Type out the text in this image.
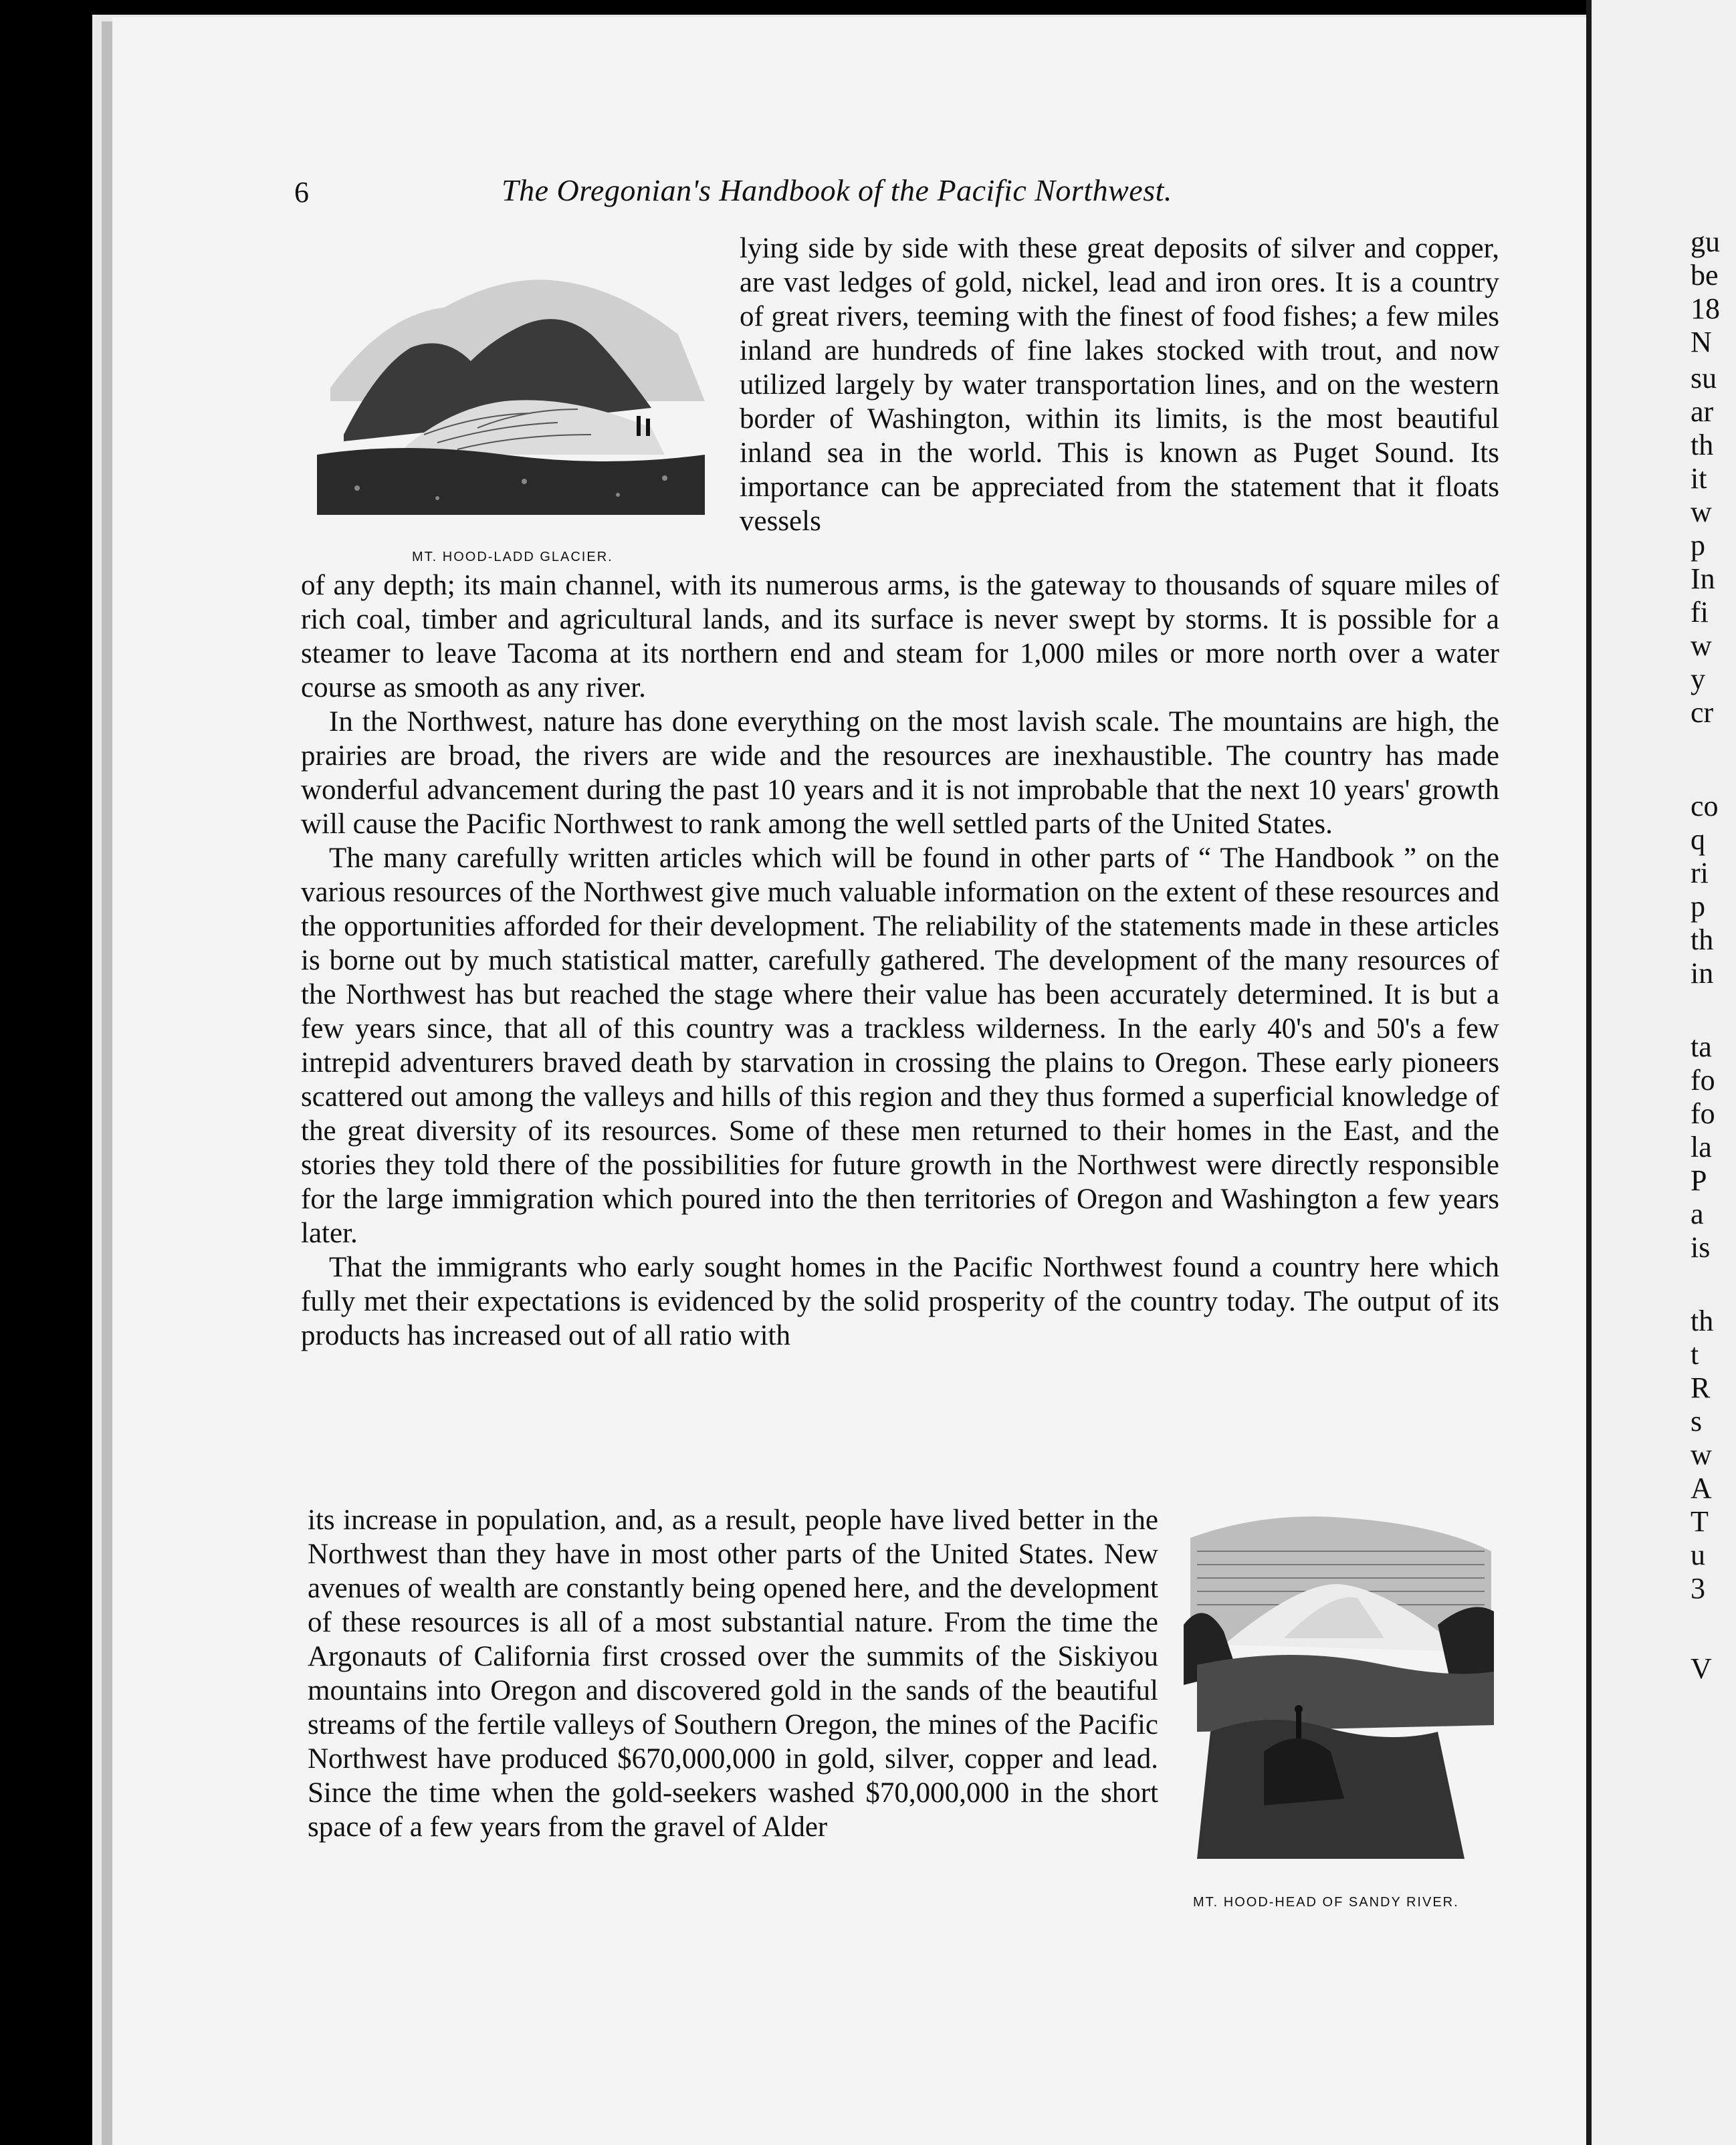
gu
be
18
N
su
ar
th
it
w
p
In
fi
w
y
cr
co
q
ri
p
th
in
ta
fo
fo
la
P
a
is
th
t
R
s
w
A
T
u
3
V
6	The Oregonian's Handbook of the Pacific Northwest.
MT. HOOD-LADD GLACIER.

lying side by side with these great deposits of silver and copper, are vast ledges of gold, nickel, lead and iron ores. It is a country of great rivers, teeming with the finest of food fishes; a few miles inland are hundreds of fine lakes stocked with trout, and now utilized largely by water transportation lines, and on the western border of Washington, within its limits, is the most beautiful inland sea in the world. This is known as Puget Sound. Its importance can be appreciated from the statement that it floats vessels

of any depth; its main channel, with its numerous arms, is the gateway to thousands of square miles of rich coal, timber and agricultural lands, and its surface is never swept by storms. It is possible for a steamer to leave Tacoma at its northern end and steam for 1,000 miles or more north over a water course as smooth as any river.

In the Northwest, nature has done everything on the most lavish scale. The mountains are high, the prairies are broad, the rivers are wide and the resources are inexhaustible. The country has made wonderful advancement during the past 10 years and it is not improbable that the next 10 years' growth will cause the Pacific Northwest to rank among the well settled parts of the United States.

The many carefully written articles which will be found in other parts of “ The Handbook ” on the various resources of the Northwest give much valuable information on the extent of these resources and the opportunities afforded for their development. The reliability of the statements made in these articles is borne out by much statistical matter, carefully gathered. The development of the many resources of the Northwest has but reached the stage where their value has been accurately determined. It is but a few years since, that all of this country was a trackless wilderness. In the early 40's and 50's a few intrepid adventurers braved death by starvation in crossing the plains to Oregon. These early pioneers scattered out among the valleys and hills of this region and they thus formed a superficial knowledge of the great diversity of its resources. Some of these men returned to their homes in the East, and the stories they told there of the possibilities for future growth in the Northwest were directly responsible for the large immigration which poured into the then territories of Oregon and Washington a few years later.

That the immigrants who early sought homes in the Pacific Northwest found a country here which fully met their expectations is evidenced by the solid prosperity of the country today. The output of its products has increased out of all ratio with

its increase in population, and, as a result, people have lived better in the Northwest than they have in most other parts of the United States. New avenues of wealth are constantly being opened here, and the development of these resources is all of a most substantial nature. From the time the Argonauts of California first crossed over the summits of the Siskiyou mountains into Oregon and discovered gold in the sands of the beautiful streams of the fertile valleys of Southern Oregon, the mines of the Pacific Northwest have produced $670,000,000 in gold, silver, copper and lead. Since the time when the gold-seekers washed $70,000,000 in the short space of a few years from the gravel of Alder

MT. HOOD-HEAD OF SANDY RIVER.
